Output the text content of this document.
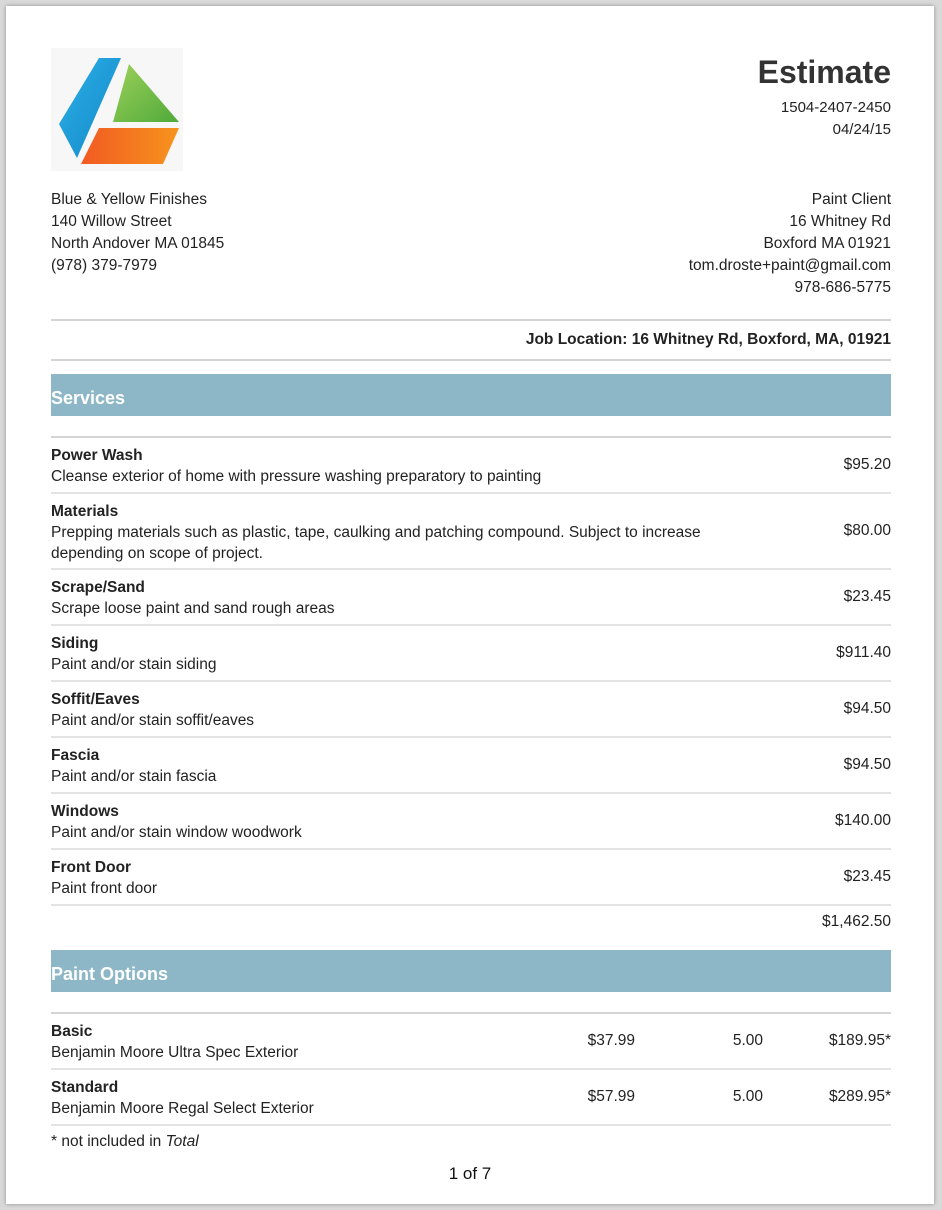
Estimate
1504-2407-2450
04/24/15
Blue & Yellow Finishes
140 Willow Street
North Andover MA 01845
(978) 379-7979
Paint Client
16 Whitney Rd
Boxford MA 01921
tom.droste+paint@gmail.com
978-686-5775
Job Location: 16 Whitney Rd, Boxford, MA, 01921
Services
Power Wash
Cleanse exterior of home with pressure washing preparatory to painting
$95.20
Materials
Prepping materials such as plastic, tape, caulking and patching compound. Subject to increase depending on scope of project.
$80.00
Scrape/Sand
Scrape loose paint and sand rough areas
$23.45
Siding
Paint and/or stain siding
$911.40
Soffit/Eaves
Paint and/or stain soffit/eaves
$94.50
Fascia
Paint and/or stain fascia
$94.50
Windows
Paint and/or stain window woodwork
$140.00
Front Door
Paint front door
$23.45
$1,462.50
Paint Options
Basic
Benjamin Moore Ultra Spec Exterior
$37.99	5.00	$189.95*
Standard
Benjamin Moore Regal Select Exterior
$57.99	5.00	$289.95*
* not included in Total
1 of 7
